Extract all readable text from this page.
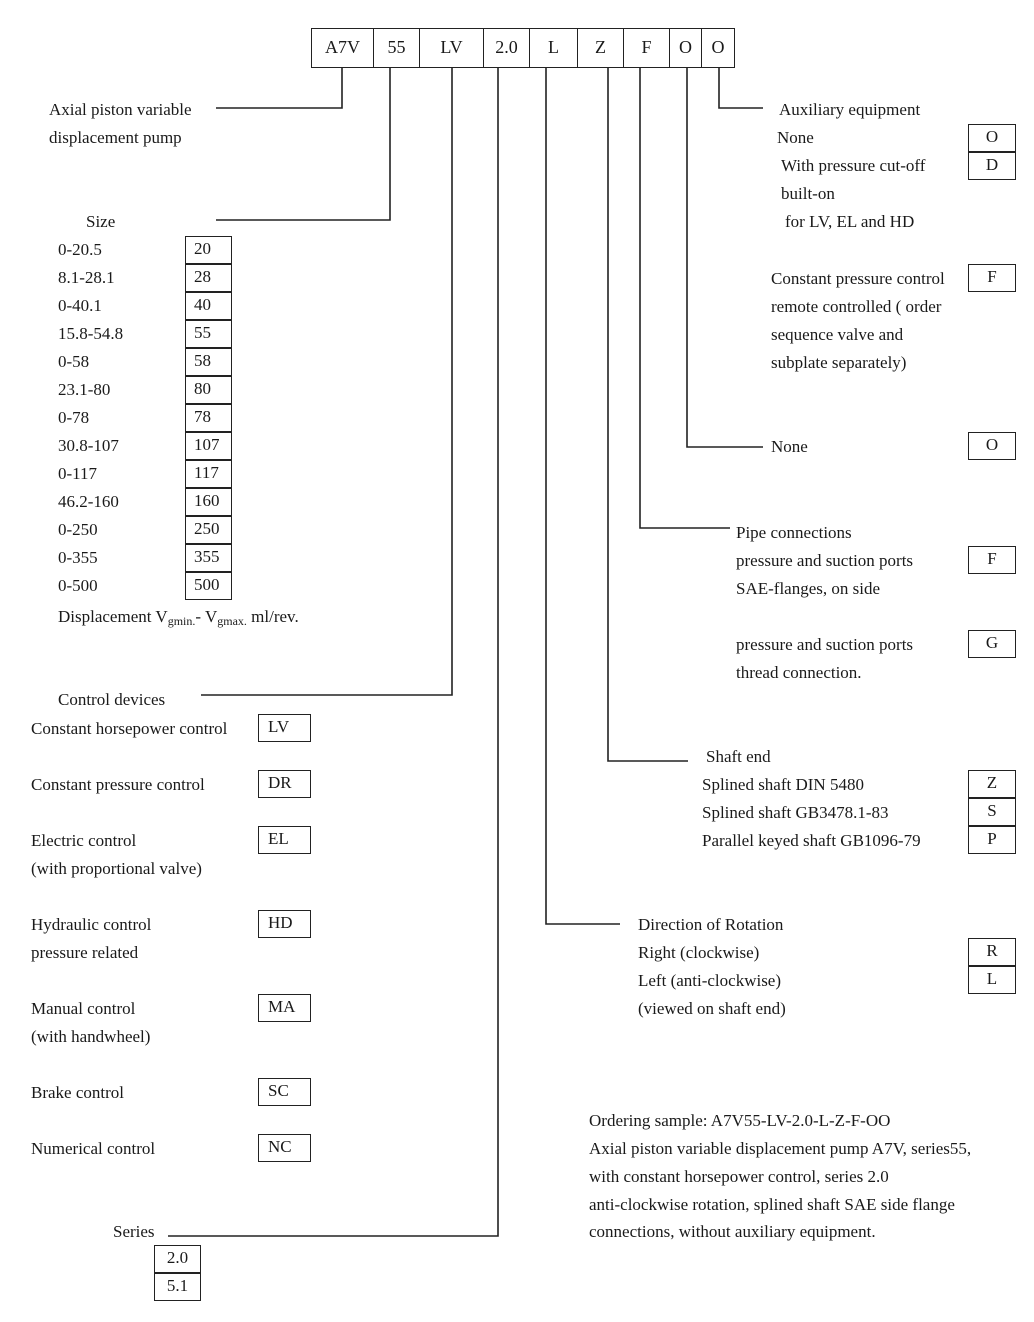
A7V	55	LV	2.0	L	Z	F	O	O
Axial piston variable
displacement pump
Size
0-20.5	20
8.1-28.1	28
0-40.1	40
15.8-54.8	55
0-58	58
23.1-80	80
0-78	78
30.8-107	107
0-117	117
46.2-160	160
0-250	250
0-355	355
0-500	500
Displacement $V_{gmin.}-$ $V_{gmax.}$ ml/rev.
Control devices
Constant horsepower control	LV
Constant pressure control	DR
Electric control
(with proportional valve)
EL
Hydraulic control
pressure related
HD
Manual control
(with handwheel)
MA
Brake control	SC
Numerical control	NC
Series
2.0
5.1
Auxiliary equipment
None	O
With pressure cut-off	D
built-on
for LV, EL and HD
Constant pressure control	F
remote controlled ( order
sequence valve and
subplate separately)
None	O
Pipe connections
pressure and suction ports	F
SAE-flanges, on side
pressure and suction ports	G
thread connection.
Shaft end
Splined shaft DIN 5480	Z
Splined shaft GB3478.1-83	S
Parallel keyed shaft GB1096-79	P
Direction of Rotation
Right (clockwise)	R
Left (anti-clockwise)	L
(viewed on shaft end)
Ordering sample: A7V55-LV-2.0-L-Z-F-OO
Axial piston variable displacement pump A7V, series55,
with constant horsepower control, series 2.0
anti-clockwise rotation, splined shaft SAE side flange
connections, without auxiliary equipment.
